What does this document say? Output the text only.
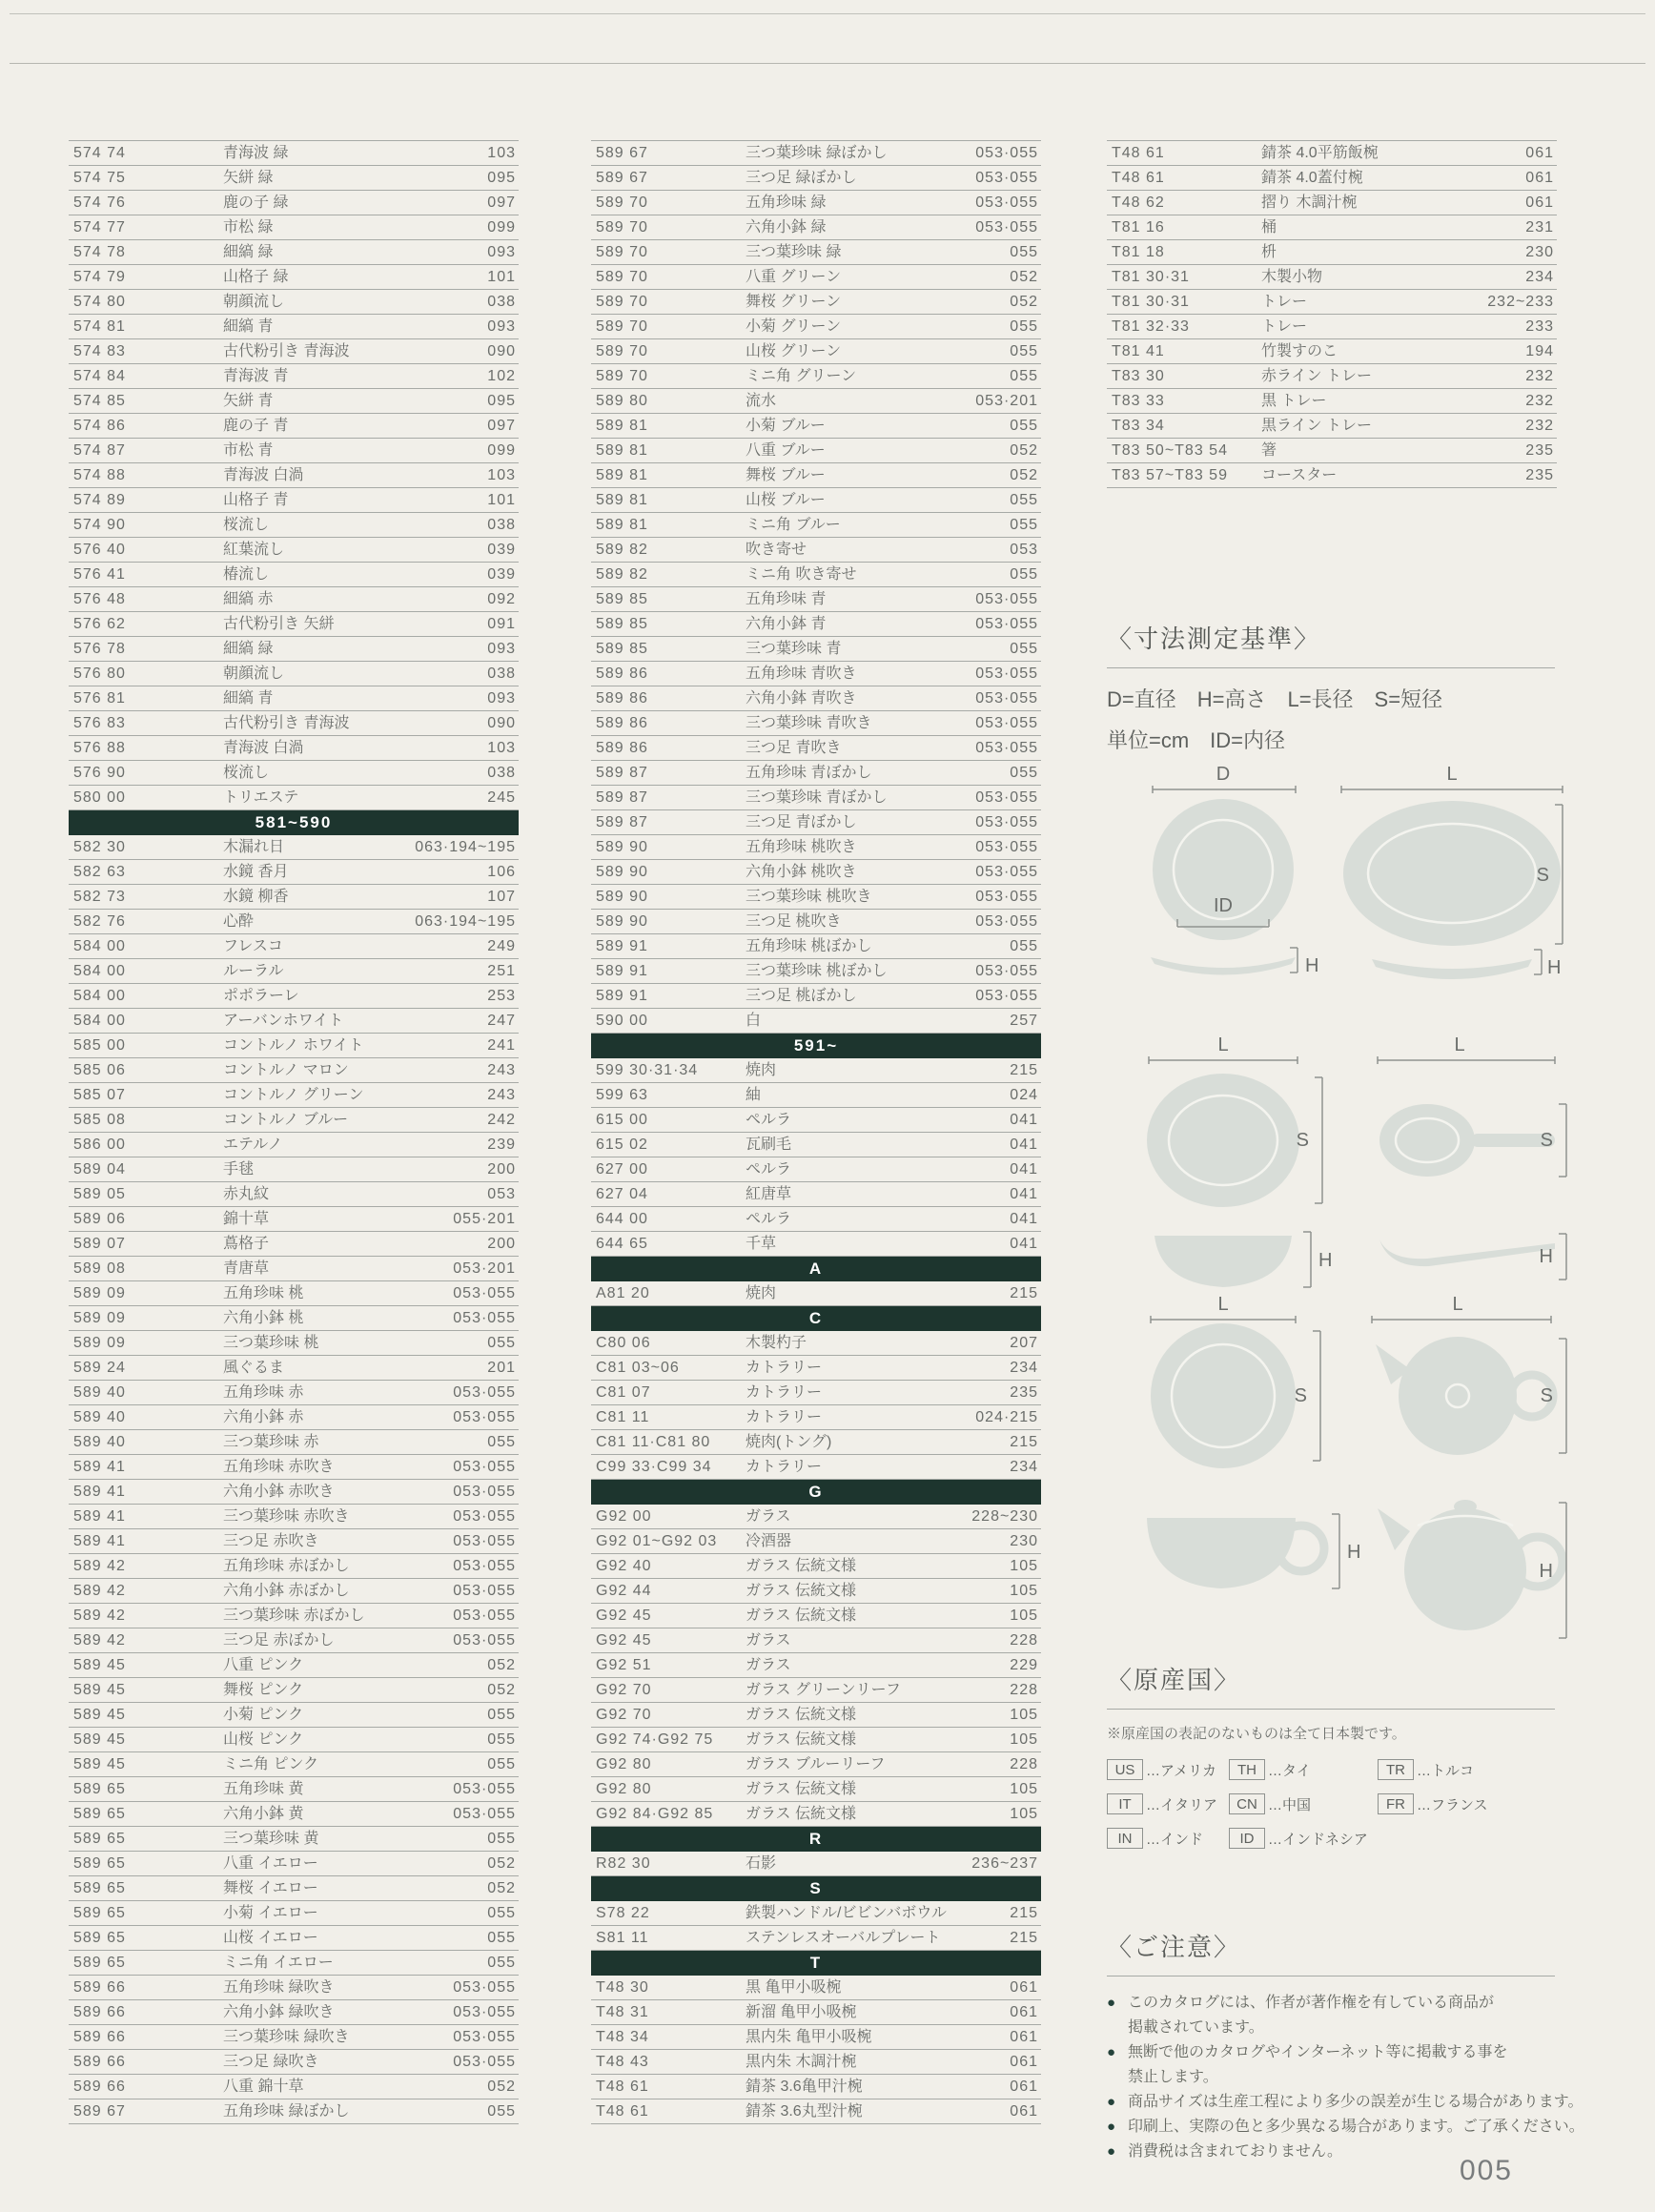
574 74	青海波 緑	103
574 75	矢絣 緑	095
574 76	鹿の子 緑	097
574 77	市松 緑	099
574 78	細縞 緑	093
574 79	山格子 緑	101
574 80	朝顔流し	038
574 81	細縞 青	093
574 83	古代粉引き 青海波	090
574 84	青海波 青	102
574 85	矢絣 青	095
574 86	鹿の子 青	097
574 87	市松 青	099
574 88	青海波 白渦	103
574 89	山格子 青	101
574 90	桜流し	038
576 40	紅葉流し	039
576 41	椿流し	039
576 48	細縞 赤	092
576 62	古代粉引き 矢絣	091
576 78	細縞 緑	093
576 80	朝顔流し	038
576 81	細縞 青	093
576 83	古代粉引き 青海波	090
576 88	青海波 白渦	103
576 90	桜流し	038
580 00	トリエステ	245
581~590
582 30	木漏れ日	063·194~195
582 63	水鏡 香月	106
582 73	水鏡 柳香	107
582 76	心酔	063·194~195
584 00	フレスコ	249
584 00	ルーラル	251
584 00	ポポラーレ	253
584 00	アーバンホワイト	247
585 00	コントルノ ホワイト	241
585 06	コントルノ マロン	243
585 07	コントルノ グリーン	243
585 08	コントルノ ブルー	242
586 00	エテルノ	239
589 04	手毬	200
589 05	赤丸紋	053
589 06	錦十草	055·201
589 07	蔦格子	200
589 08	青唐草	053·201
589 09	五角珍味 桃	053·055
589 09	六角小鉢 桃	053·055
589 09	三つ葉珍味 桃	055
589 24	風ぐるま	201
589 40	五角珍味 赤	053·055
589 40	六角小鉢 赤	053·055
589 40	三つ葉珍味 赤	055
589 41	五角珍味 赤吹き	053·055
589 41	六角小鉢 赤吹き	053·055
589 41	三つ葉珍味 赤吹き	053·055
589 41	三つ足 赤吹き	053·055
589 42	五角珍味 赤ぼかし	053·055
589 42	六角小鉢 赤ぼかし	053·055
589 42	三つ葉珍味 赤ぼかし	053·055
589 42	三つ足 赤ぼかし	053·055
589 45	八重 ピンク	052
589 45	舞桜 ピンク	052
589 45	小菊 ピンク	055
589 45	山桜 ピンク	055
589 45	ミニ角 ピンク	055
589 65	五角珍味 黄	053·055
589 65	六角小鉢 黄	053·055
589 65	三つ葉珍味 黄	055
589 65	八重 イエロー	052
589 65	舞桜 イエロー	052
589 65	小菊 イエロー	055
589 65	山桜 イエロー	055
589 65	ミニ角 イエロー	055
589 66	五角珍味 緑吹き	053·055
589 66	六角小鉢 緑吹き	053·055
589 66	三つ葉珍味 緑吹き	053·055
589 66	三つ足 緑吹き	053·055
589 66	八重 錦十草	052
589 67	五角珍味 緑ぼかし	055
589 67	三つ葉珍味 緑ぼかし	053·055
589 67	三つ足 緑ぼかし	053·055
589 70	五角珍味 緑	053·055
589 70	六角小鉢 緑	053·055
589 70	三つ葉珍味 緑	055
589 70	八重 グリーン	052
589 70	舞桜 グリーン	052
589 70	小菊 グリーン	055
589 70	山桜 グリーン	055
589 70	ミニ角 グリーン	055
589 80	流水	053·201
589 81	小菊 ブルー	055
589 81	八重 ブルー	052
589 81	舞桜 ブルー	052
589 81	山桜 ブルー	055
589 81	ミニ角 ブルー	055
589 82	吹き寄せ	053
589 82	ミニ角 吹き寄せ	055
589 85	五角珍味 青	053·055
589 85	六角小鉢 青	053·055
589 85	三つ葉珍味 青	055
589 86	五角珍味 青吹き	053·055
589 86	六角小鉢 青吹き	053·055
589 86	三つ葉珍味 青吹き	053·055
589 86	三つ足 青吹き	053·055
589 87	五角珍味 青ぼかし	055
589 87	三つ葉珍味 青ぼかし	053·055
589 87	三つ足 青ぼかし	053·055
589 90	五角珍味 桃吹き	053·055
589 90	六角小鉢 桃吹き	053·055
589 90	三つ葉珍味 桃吹き	053·055
589 90	三つ足 桃吹き	053·055
589 91	五角珍味 桃ぼかし	055
589 91	三つ葉珍味 桃ぼかし	053·055
589 91	三つ足 桃ぼかし	053·055
590 00	白	257
591~
599 30·31·34	焼肉	215
599 63	紬	024
615 00	ペルラ	041
615 02	瓦刷毛	041
627 00	ペルラ	041
627 04	紅唐草	041
644 00	ペルラ	041
644 65	千草	041
A
A81 20	焼肉	215
C
C80 06	木製杓子	207
C81 03~06	カトラリー	234
C81 07	カトラリー	235
C81 11	カトラリー	024·215
C81 11·C81 80 焼肉(トング)	215
C99 33·C99 34 カトラリー	234
G
G92 00	ガラス	228~230
G92 01~G92 03 冷酒器	230
G92 40	ガラス 伝統文様	105
G92 44	ガラス 伝統文様	105
G92 45	ガラス 伝統文様	105
G92 45	ガラス	228
G92 51	ガラス	229
G92 70	ガラス グリーンリーフ	228
G92 70	ガラス 伝統文様	105
G92 74·G92 75 ガラス 伝統文様	105
G92 80	ガラス ブルーリーフ	228
G92 80	ガラス 伝統文様	105
G92 84·G92 85 ガラス 伝統文様	105
R
R82 30	石影	236~237
S
S78 22	鉄製ハンドル/ビビンバボウル	215
S81 11	ステンレスオーバルプレート	215
T
T48 30	黒 亀甲小吸椀	061
T48 31	新溜 亀甲小吸椀	061
T48 34	黒内朱 亀甲小吸椀	061
T48 43	黒内朱 木調汁椀	061
T48 61	錆茶 3.6亀甲汁椀	061
T48 61	錆茶 3.6丸型汁椀	061
T48 61	錆茶 4.0平筋飯椀	061
T48 61	錆茶 4.0蓋付椀	061
T48 62	摺り 木調汁椀	061
T81 16	桶	231
T81 18	枡	230
T81 30·31	木製小物	234
T81 30·31	トレー	232~233
T81 32·33	トレー	233
T81 41	竹製すのこ	194
T83 30	赤ライン トレー	232
T83 33	黒 トレー	232
T83 34	黒ライン トレー	232
T83 50~T83 54 箸	235
T83 57~T83 59 コースター	235
〈寸法測定基準〉

D=直径　H=高さ　L=長径　S=短径

単位=cm　ID=内径

D
ID
H
L
S
H
L
S
H
L
S
H
L
S
L
S
H
H
〈原産国〉

※原産国の表記のないものは全て日本製です。

US …アメリカ	TH …タイ	TR …トルコ
IT	…イタリア	CN …中国	FR …フランス
IN …インド	ID …インドネシア
〈ご注意〉
● このカタログには、作者が著作権を有している商品が
掲載されています。
● 無断で他のカタログやインターネット等に掲載する事を
禁止します。
● 商品サイズは生産工程により多少の誤差が生じる場合があります。
● 印刷上、実際の色と多少異なる場合があります。ご了承ください。
● 消費税は含まれておりません。
005
